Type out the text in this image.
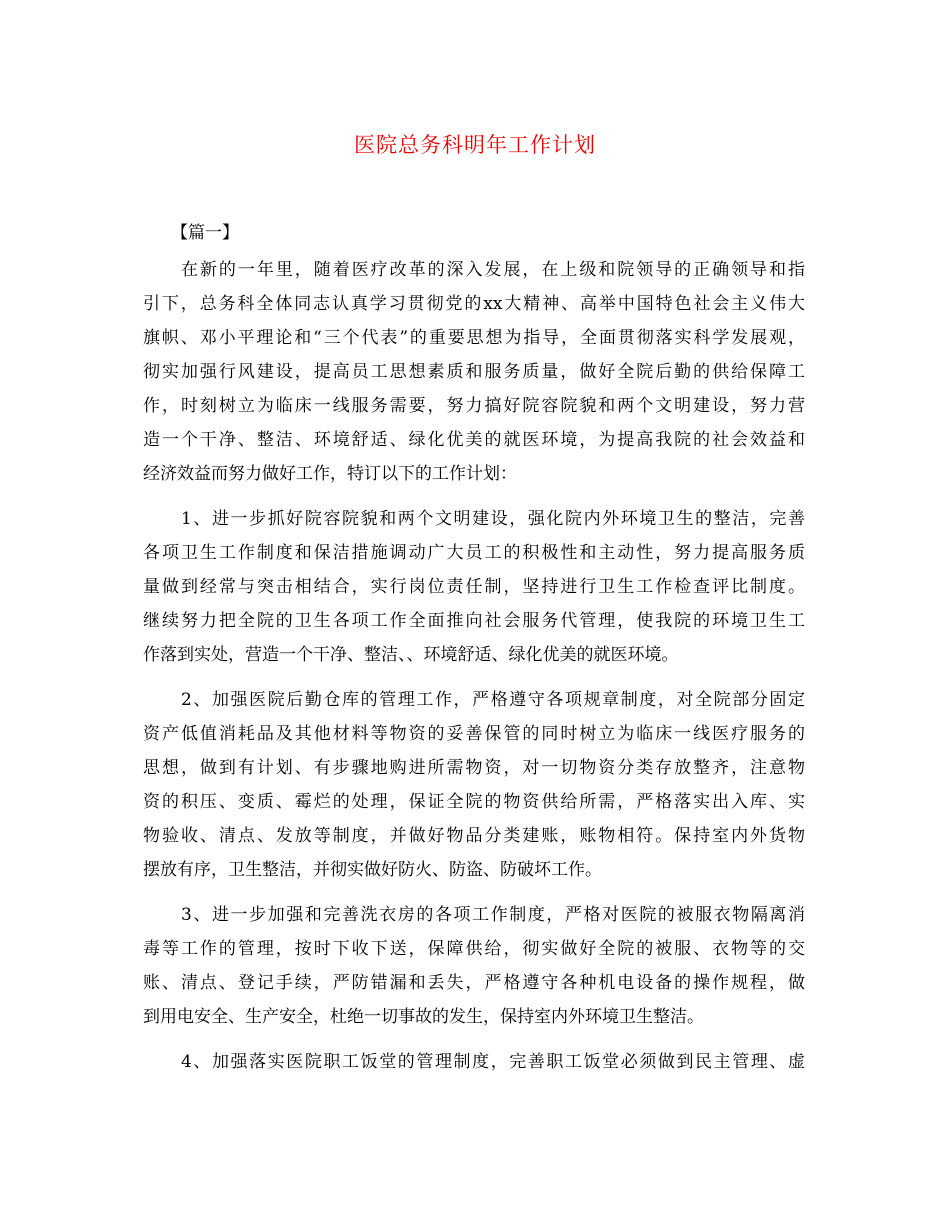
医院总务科明年工作计划
【篇一】
在新的一年里，随着医疗改革的深入发展，在上级和院领导的正确领导和指
引下，总务科全体同志认真学习贯彻党的xx大精神、高举中国特色社会主义伟大
旗帜、邓小平理论和“三个代表”的重要思想为指导，全面贯彻落实科学发展观，
彻实加强行风建设，提高员工思想素质和服务质量，做好全院后勤的供给保障工
作，时刻树立为临床一线服务需要，努力搞好院容院貌和两个文明建设，努力营
造一个干净、整洁、环境舒适、绿化优美的就医环境，为提高我院的社会效益和
经济效益而努力做好工作，特订以下的工作计划：
1、进一步抓好院容院貌和两个文明建设，强化院内外环境卫生的整洁，完善
各项卫生工作制度和保洁措施调动广大员工的积极性和主动性，努力提高服务质
量做到经常与突击相结合，实行岗位责任制，坚持进行卫生工作检查评比制度。
继续努力把全院的卫生各项工作全面推向社会服务代管理，使我院的环境卫生工
作落到实处，营造一个干净、整洁、、环境舒适、绿化优美的就医环境。
2、加强医院后勤仓库的管理工作，严格遵守各项规章制度，对全院部分固定
资产低值消耗品及其他材料等物资的妥善保管的同时树立为临床一线医疗服务的
思想，做到有计划、有步骤地购进所需物资，对一切物资分类存放整齐，注意物
资的积压、变质、霉烂的处理，保证全院的物资供给所需，严格落实出入库、实
物验收、清点、发放等制度，并做好物品分类建账，账物相符。保持室内外货物
摆放有序，卫生整洁，并彻实做好防火、防盗、防破坏工作。
3、进一步加强和完善洗衣房的各项工作制度，严格对医院的被服衣物隔离消
毒等工作的管理，按时下收下送，保障供给，彻实做好全院的被服、衣物等的交
账、清点、登记手续，严防错漏和丢失，严格遵守各种机电设备的操作规程，做
到用电安全、生产安全，杜绝一切事故的发生，保持室内外环境卫生整洁。
4、加强落实医院职工饭堂的管理制度，完善职工饭堂必须做到民主管理、虚
